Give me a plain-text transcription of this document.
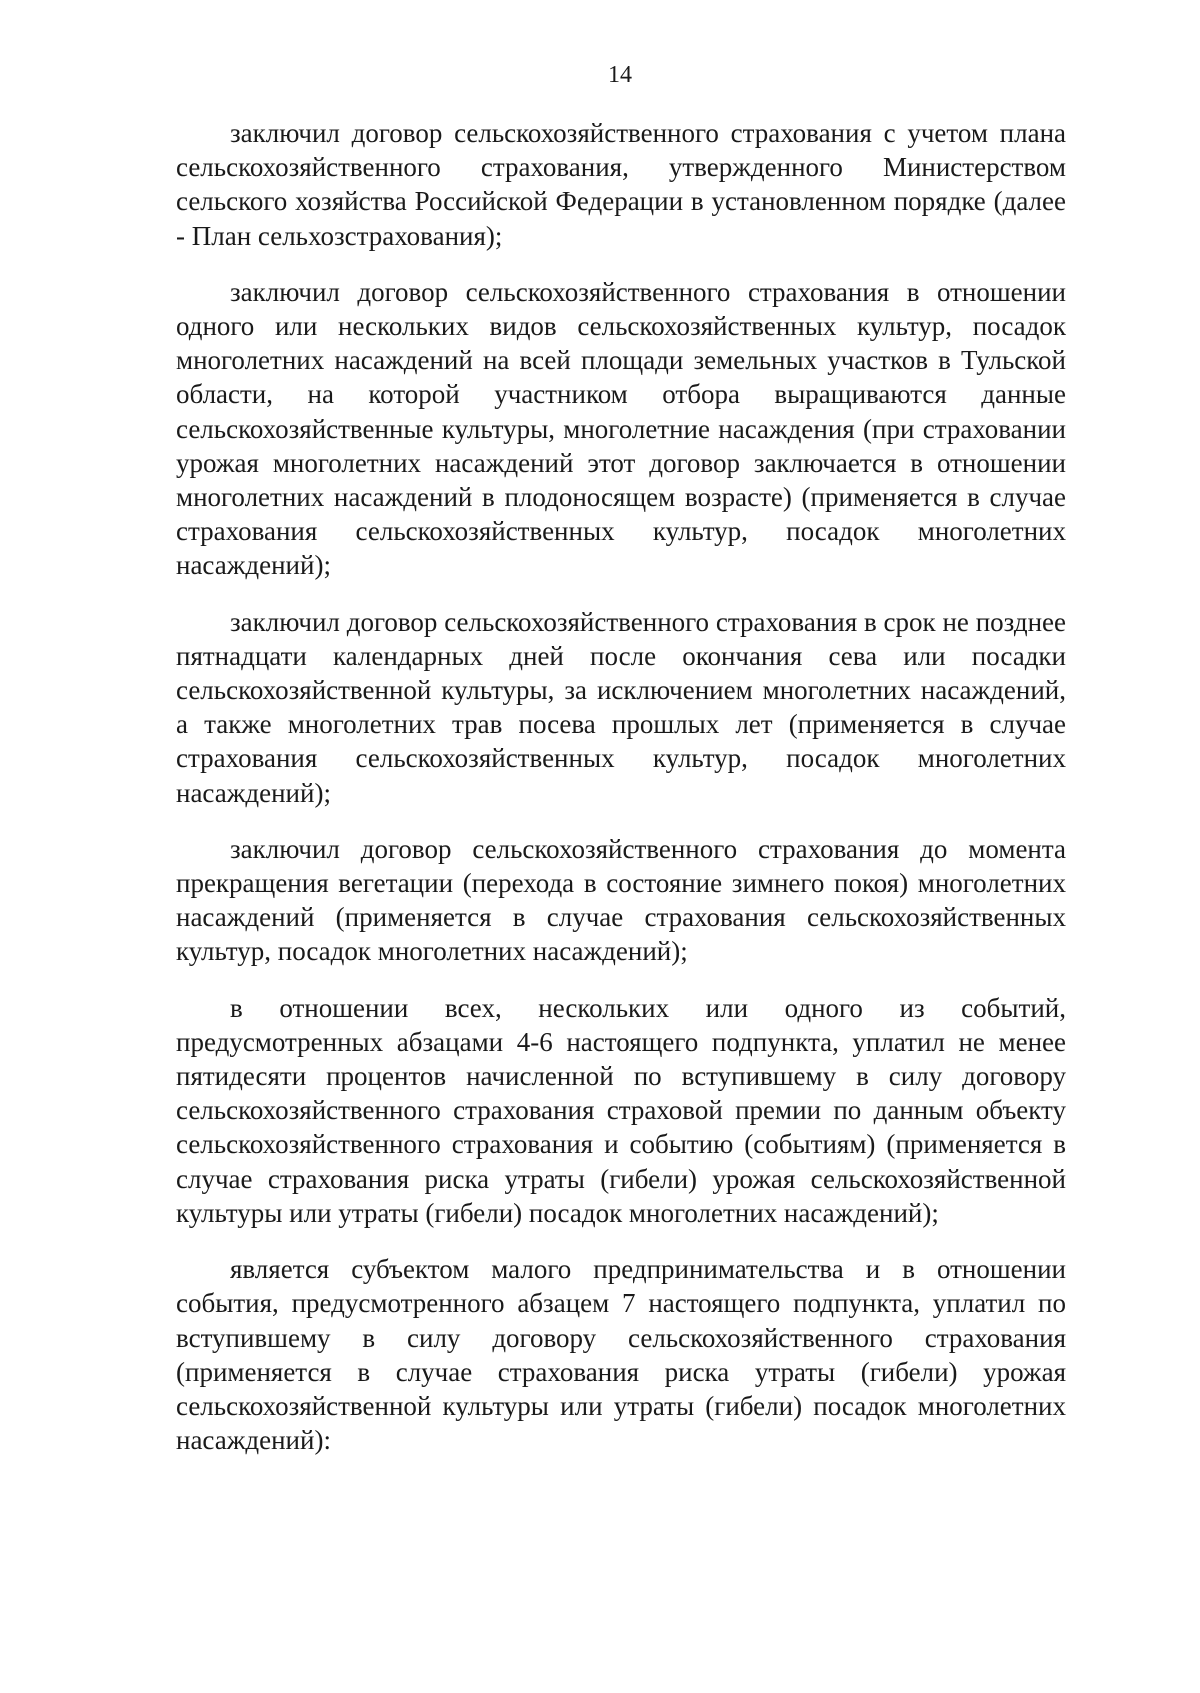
14

заключил договор сельскохозяйственного страхования с учетом плана сельскохозяйственного страхования, утвержденного Министерством сельского хозяйства Российской Федерации в установленном порядке (далее - План сельхозстрахования);

заключил договор сельскохозяйственного страхования в отношении одного или нескольких видов сельскохозяйственных культур, посадок многолетних насаждений на всей площади земельных участков в Тульской области, на которой участником отбора выращиваются данные сельскохозяйственные культуры, многолетние насаждения (при страховании урожая многолетних насаждений этот договор заключается в отношении многолетних насаждений в плодоносящем возрасте) (применяется в случае страхования сельскохозяйственных культур, посадок многолетних насаждений);

заключил договор сельскохозяйственного страхования в срок не позднее пятнадцати календарных дней после окончания сева или посадки сельскохозяйственной культуры, за исключением многолетних насаждений, а также многолетних трав посева прошлых лет (применяется в случае страхования сельскохозяйственных культур, посадок многолетних насаждений);

заключил договор сельскохозяйственного страхования до момента прекращения вегетации (перехода в состояние зимнего покоя) многолетних насаждений (применяется в случае страхования сельскохозяйственных культур, посадок многолетних насаждений);

в отношении всех, нескольких или одного из событий, предусмотренных абзацами 4-6 настоящего подпункта, уплатил не менее пятидесяти процентов начисленной по вступившему в силу договору сельскохозяйственного страхования страховой премии по данным объекту сельскохозяйственного страхования и событию (событиям) (применяется в случае страхования риска утраты (гибели) урожая сельскохозяйственной культуры или утраты (гибели) посадок многолетних насаждений);

является субъектом малого предпринимательства и в отношении события, предусмотренного абзацем 7 настоящего подпункта, уплатил по вступившему в силу договору сельскохозяйственного страхования (применяется в случае страхования риска утраты (гибели) урожая сельскохозяйственной культуры или утраты (гибели) посадок многолетних насаждений):
